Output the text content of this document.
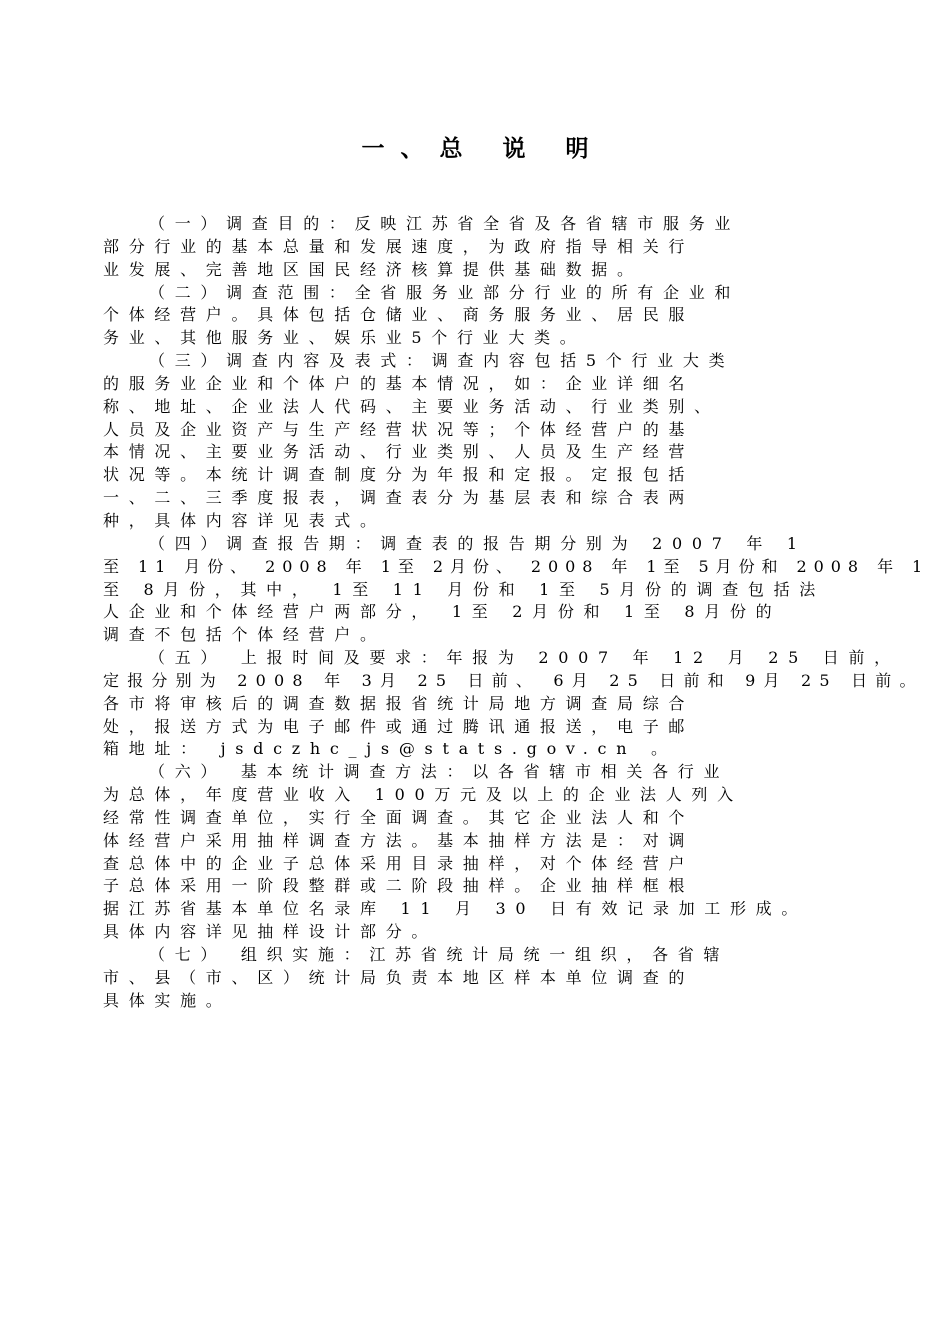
一、总 说 明
（一）调查目的：反映江苏省全省及各省辖市服务业
部分行业的基本总量和发展速度，为政府指导相关行
业发展、完善地区国民经济核算提供基础数据。
（二）调查范围：全省服务业部分行业的所有企业和
个体经营户。具体包括仓储业、商务服务业、居民服
务业、其他服务业、娱乐业5个行业大类。
（三）调查内容及表式：调查内容包括5个行业大类
的服务业企业和个体户的基本情况，如：企业详细名
称、地址、企业法人代码、主要业务活动、行业类别、
人员及企业资产与生产经营状况等；个体经营户的基
本情况、主要业务活动、行业类别、人员及生产经营
状况等。本统计调查制度分为年报和定报。定报包括
一、二、三季度报表，调查表分为基层表和综合表两
种，具体内容详见表式。
（四）调查报告期：调查表的报告期分别为 2007 年 1
至 11 月份、 2008 年 1至 2月份、 2008 年 1至 5月份和 2008 年 1
至 8月份，其中， 1至 11 月份和 1至 5月份的调查包括法
人企业和个体经营户两部分， 1至 2月份和 1至 8月份的
调查不包括个体经营户。
（五） 上报时间及要求：年报为 2007 年 12 月 25 日前，
定报分别为 2008 年 3月 25 日前、 6月 25 日前和 9月 25 日前。
各市将审核后的调查数据报省统计局地方调查局综合
处，报送方式为电子邮件或通过腾讯通报送，电子邮
箱地址： jsdczhc_js@stats.gov.cn 。
（六） 基本统计调查方法：以各省辖市相关各行业
为总体，年度营业收入 100万元及以上的企业法人列入
经常性调查单位，实行全面调查。其它企业法人和个
体经营户采用抽样调查方法。基本抽样方法是：对调
查总体中的企业子总体采用目录抽样，对个体经营户
子总体采用一阶段整群或二阶段抽样。企业抽样框根
据江苏省基本单位名录库 11 月 30 日有效记录加工形成。
具体内容详见抽样设计部分。
（七） 组织实施：江苏省统计局统一组织，各省辖
市、县（市、区）统计局负责本地区样本单位调查的
具体实施。
